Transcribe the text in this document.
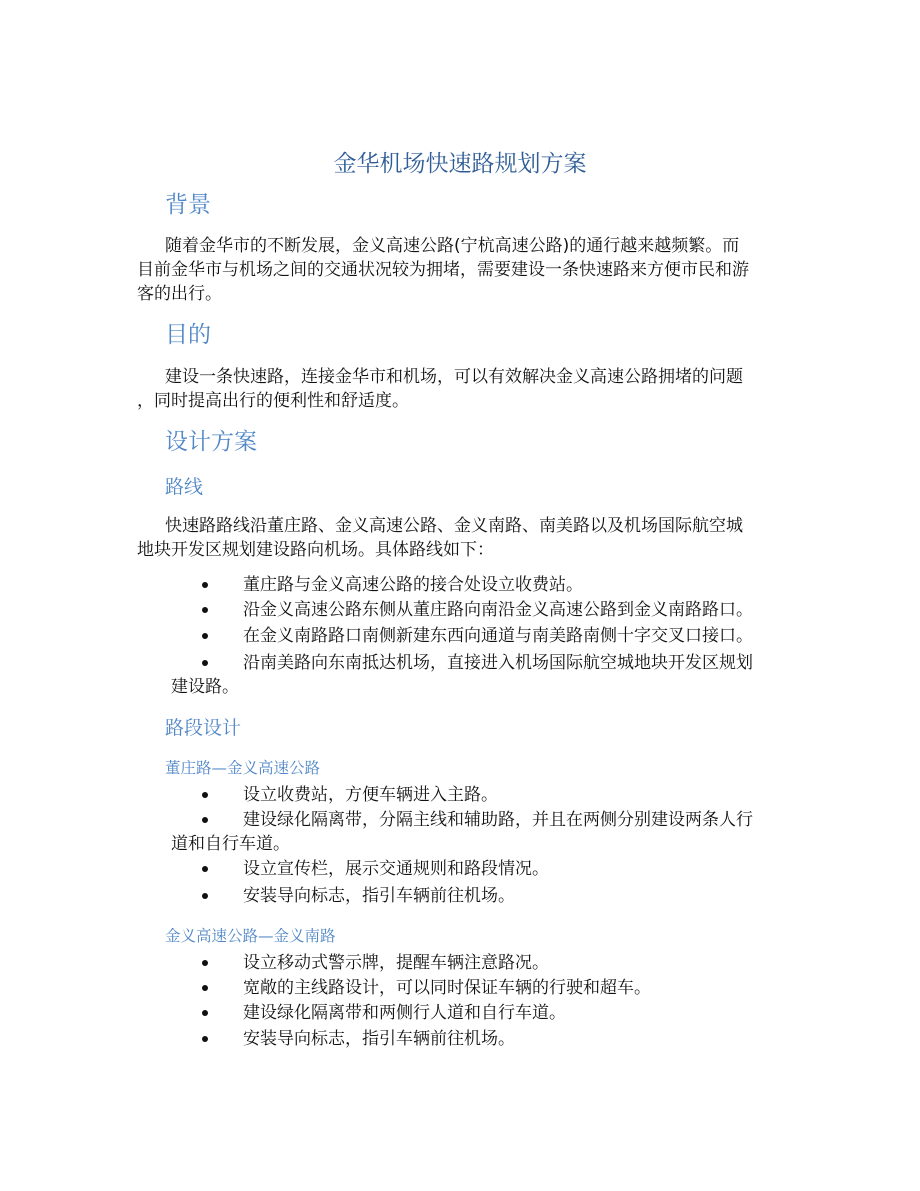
金华机场快速路规划方案
背景
随着金华市的不断发展，金义高速公路(宁杭高速公路)的通行越来越频繁。而
目前金华市与机场之间的交通状况较为拥堵，需要建设一条快速路来方便市民和游
客的出行。
目的
建设一条快速路，连接金华市和机场，可以有效解决金义高速公路拥堵的问题
，同时提高出行的便利性和舒适度。
设计方案
路线
快速路路线沿董庄路、金义高速公路、金义南路、南美路以及机场国际航空城
地块开发区规划建设路向机场。具体路线如下：
董庄路与金义高速公路的接合处设立收费站。
沿金义高速公路东侧从董庄路向南沿金义高速公路到金义南路路口。
在金义南路路口南侧新建东西向通道与南美路南侧十字交叉口接口。
沿南美路向东南抵达机场，直接进入机场国际航空城地块开发区规划
建设路。
路段设计
董庄路—金义高速公路
设立收费站，方便车辆进入主路。
建设绿化隔离带，分隔主线和辅助路，并且在两侧分别建设两条人行
道和自行车道。
设立宣传栏，展示交通规则和路段情况。
安装导向标志，指引车辆前往机场。
金义高速公路—金义南路
设立移动式警示牌，提醒车辆注意路况。
宽敞的主线路设计，可以同时保证车辆的行驶和超车。
建设绿化隔离带和两侧行人道和自行车道。
安装导向标志，指引车辆前往机场。
